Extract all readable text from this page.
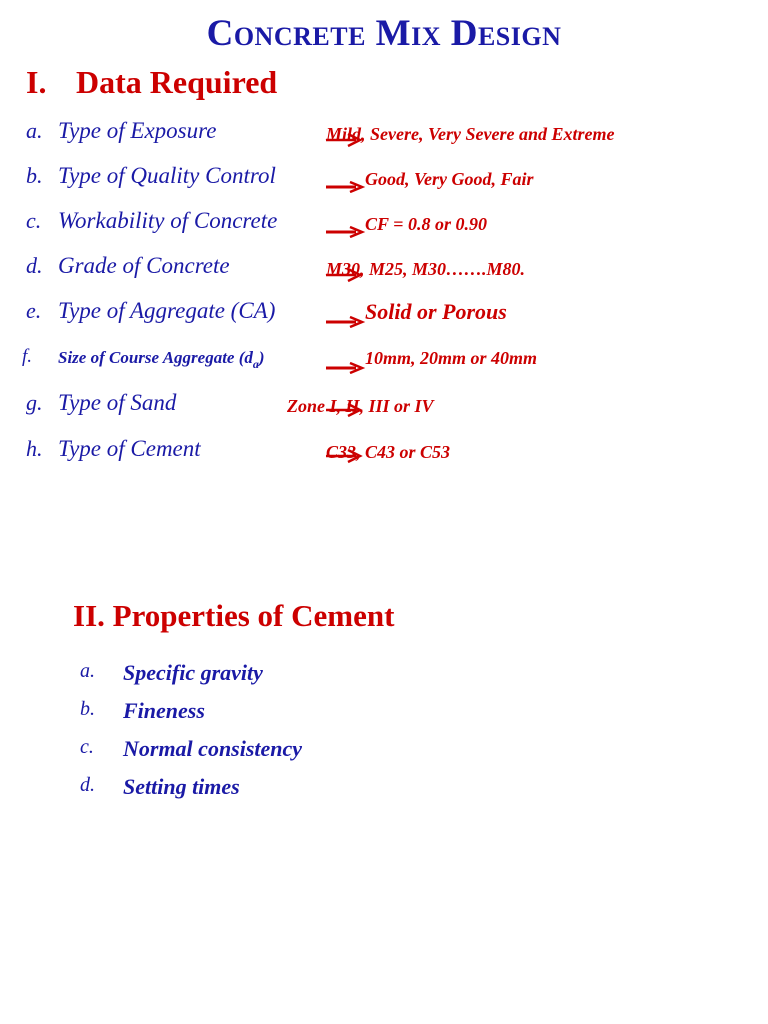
Concrete Mix Design
I. Data Required
a. Type of Exposure	Mild, Severe, Very Severe and Extreme
b. Type of Quality Control	Good, Very Good, Fair
c. Workability of Concrete	CF = 0.8 or 0.90
d. Grade of Concrete	M30, M25, M30…….M80.
e. Type of Aggregate (CA)	Solid or Porous
f. Size of Course Aggregate $(d_a)$	10mm, 20mm or 40mm
g. Type of Sand	Zone I, II, III or IV
h. Type of Cement	C33, C43 or C53
II. Properties of Cement
a. Specific gravity
b. Fineness
c. Normal consistency
d. Setting times
